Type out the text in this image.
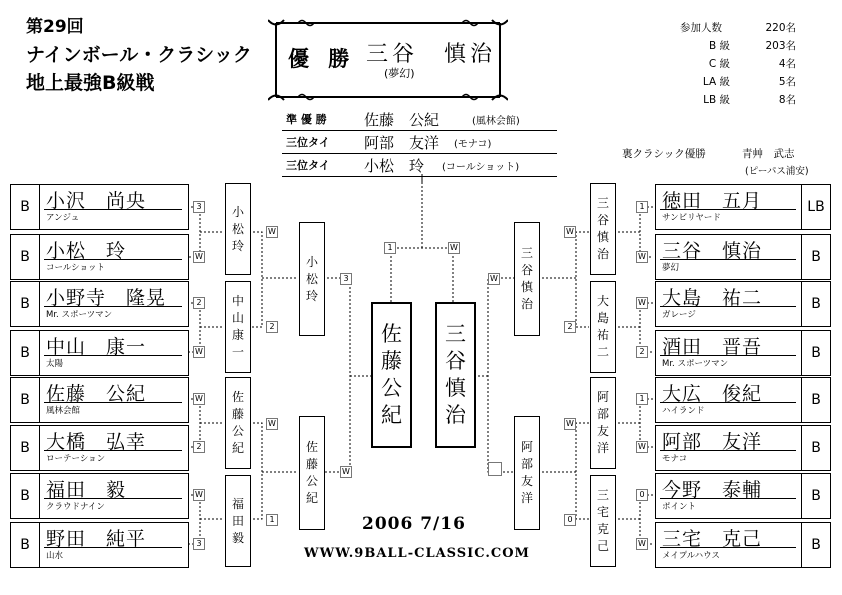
第29回
ナインボール・クラシック
地上最強B級戦
優 勝 三谷　慎治
(夢幻)
準 優 勝 佐藤　公紀	(風林会館)
三位タイ 阿部　友洋 (モナコ)
三位タイ 小松　玲 (コールショット)
参加人数	220名
B 級	203名
C 級	4名
LA 級	5名
LB 級	8名
裏クラシック優勝	青艸　武志
(ピーパス浦安)
B 小沢　尚央
アンジュ
B 小松　玲
コールショット
B 小野寺　隆晃
Mr. スポーツマン
B 中山　康一
太陽
B 佐藤　公紀
風林会館
B 大橋　弘幸
ローテーション
B 福田　毅
クラウドナイン
B 野田　純平
山水
LB
徳田　五月
サンビリヤード
B
三谷　慎治
夢幻
B
大島　祐二
ガレージ
B
酒田　晋吾
Mr. スポーツマン
B
大広　俊紀
ハイランド
B
阿部　友洋
モナコ
B
今野　泰輔
ポイント
B
三宅　克己
メイプルハウス
3
W
2
W
W
2
W
3
1
W
W
2
1
W
0
W
小
松
玲
W
中
山
康
一
2
佐
藤
公
紀
W
福
田
毅
1
三
谷
慎
治
W
大
島
祐
二
2
阿
部
友
洋
W
三
宅
克
己
0
小
松
玲
3
佐
藤
公
紀
W
三
谷
慎
治
W
阿
部
友
洋
佐
藤
公
紀
1
三
谷
慎
治
W
2006 7/16
WWW.9BALL-CLASSIC.COM
